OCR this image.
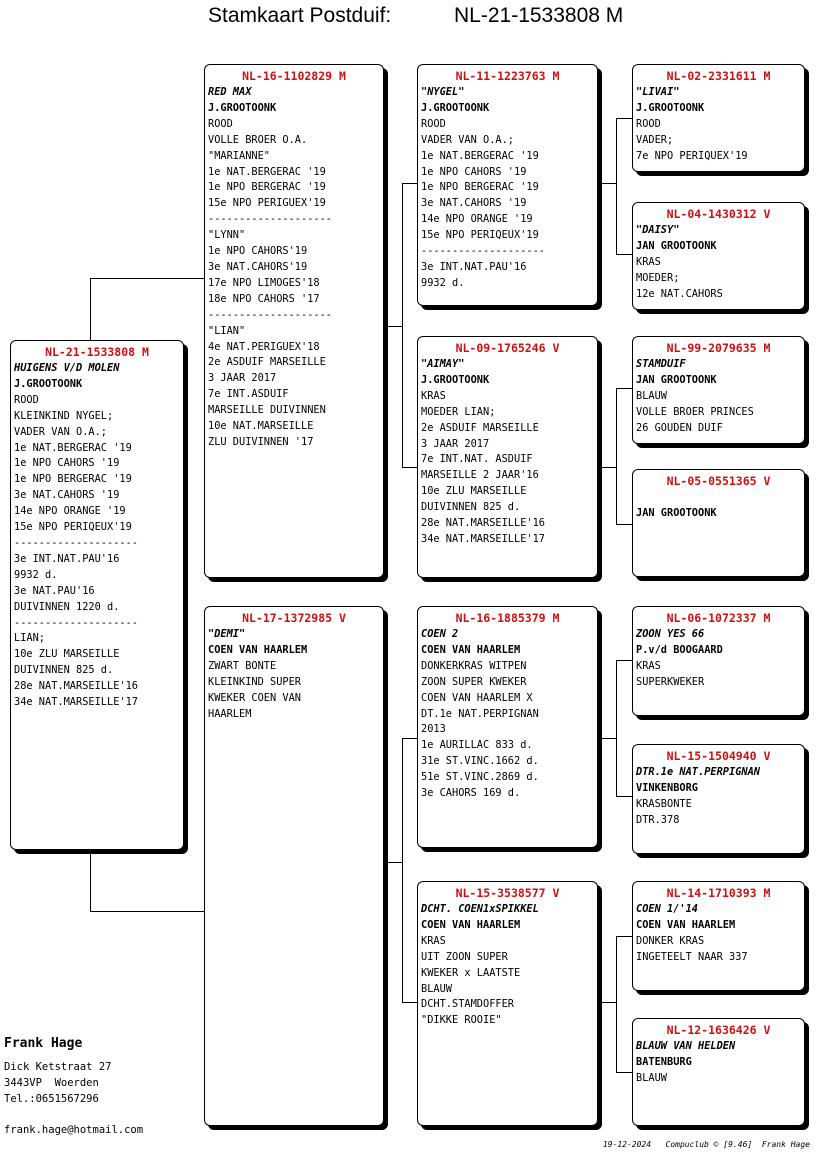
Stamkaart Postduif:	NL-21-1533808 M
NL-21-1533808 M
HUIGENS V/D MOLEN
J.GROOTOONK
ROOD
KLEINKIND NYGEL;
VADER VAN O.A.;
1e NAT.BERGERAC '19
1e NPO CAHORS '19
1e NPO BERGERAC '19
3e NAT.CAHORS '19
14e NPO ORANGE '19
15e NPO PERIQEUX'19
--------------------
3e INT.NAT.PAU'16
9932 d.
3e NAT.PAU'16
DUIVINNEN 1220 d.
--------------------
LIAN;
10e ZLU MARSEILLE
DUIVINNEN 825 d.
28e NAT.MARSEILLE'16
34e NAT.MARSEILLE'17
NL-16-1102829 M
RED MAX
J.GROOTOONK
ROOD
VOLLE BROER O.A.
"MARIANNE"
1e NAT.BERGERAC '19
1e NPO BERGERAC '19
15e NPO PERIGUEX'19
--------------------
"LYNN"
1e NPO CAHORS'19
3e NAT.CAHORS'19
17e NPO LIMOGES'18
18e NPO CAHORS '17
--------------------
"LIAN"
4e NAT.PERIGUEX'18
2e ASDUIF MARSEILLE
3 JAAR 2017
7e INT.ASDUIF
MARSEILLE DUIVINNEN
10e NAT.MARSEILLE
ZLU DUIVINNEN '17
NL-17-1372985 V
"DEMI"
COEN VAN HAARLEM
ZWART BONTE
KLEINKIND SUPER
KWEKER COEN VAN
HAARLEM
NL-11-1223763 M
"NYGEL"
J.GROOTOONK
ROOD
VADER VAN O.A.;
1e NAT.BERGERAC '19
1e NPO CAHORS '19
1e NPO BERGERAC '19
3e NAT.CAHORS '19
14e NPO ORANGE '19
15e NPO PERIQEUX'19
--------------------
3e INT.NAT.PAU'16
9932 d.
NL-09-1765246 V
"AIMAY"
J.GROOTOONK
KRAS
MOEDER LIAN;
2e ASDUIF MARSEILLE
3 JAAR 2017
7e INT.NAT. ASDUIF
MARSEILLE 2 JAAR'16
10e ZLU MARSEILLE
DUIVINNEN 825 d.
28e NAT.MARSEILLE'16
34e NAT.MARSEILLE'17
NL-16-1885379 M
COEN 2
COEN VAN HAARLEM
DONKERKRAS WITPEN
ZOON SUPER KWEKER
COEN VAN HAARLEM X
DT.1e NAT.PERPIGNAN
2013
1e AURILLAC 833 d.
31e ST.VINC.1662 d.
51e ST.VINC.2869 d.
3e CAHORS 169 d.
NL-15-3538577 V
DCHT. COEN1xSPIKKEL
COEN VAN HAARLEM
KRAS
UIT ZOON SUPER
KWEKER x LAATSTE
BLAUW
DCHT.STAMDOFFER
"DIKKE ROOIE"
NL-02-2331611 M
"LIVAI"
J.GROOTOONK
ROOD
VADER;
7e NPO PERIQUEX'19
NL-04-1430312 V
"DAISY"
JAN GROOTOONK
KRAS
MOEDER;
12e NAT.CAHORS
NL-99-2079635 M
STAMDUIF
JAN GROOTOONK
BLAUW
VOLLE BROER PRINCES
26 GOUDEN DUIF
NL-05-0551365 V

JAN GROOTOONK
NL-06-1072337 M
ZOON YES 66
P.v/d BOOGAARD
KRAS
SUPERKWEKER
NL-15-1504940 V
DTR.1e NAT.PERPIGNAN
VINKENBORG
KRASBONTE
DTR.378
NL-14-1710393 M
COEN 1/'14
COEN VAN HAARLEM
DONKER KRAS
INGETEELT NAAR 337
NL-12-1636426 V
BLAUW VAN HELDEN
BATENBURG
BLAUW
Frank Hage
Dick Ketstraat 27
3443VP  Woerden
Tel.:0651567296
frank.hage@hotmail.com
19-12-2024   Compuclub © [9.46]  Frank Hage
